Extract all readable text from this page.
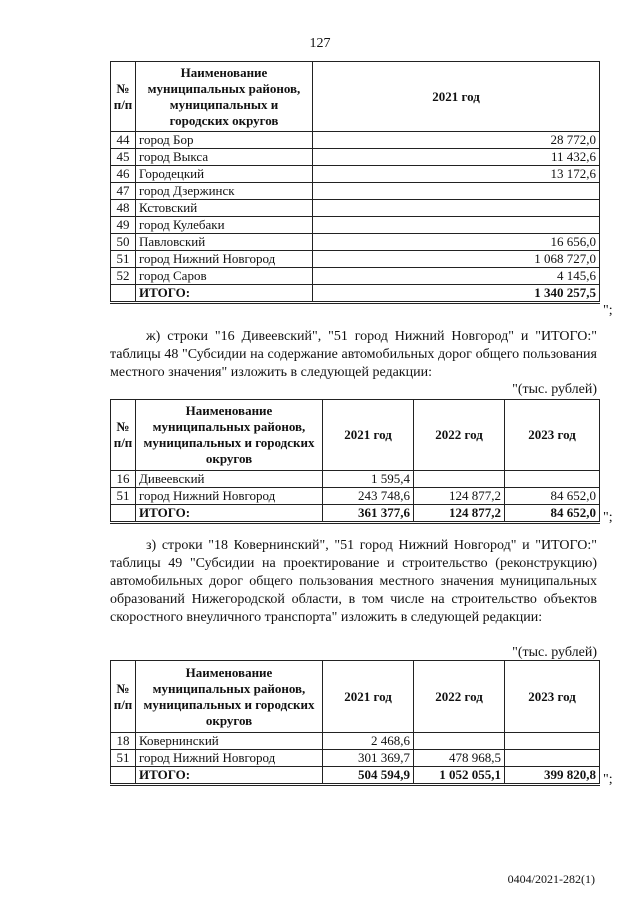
127
№
п/п	Наименование муниципальных районов, муниципальных и городских округов	2021 год
44	город Бор	28 772,0
45	город Выкса	11 432,6
46	Городецкий	13 172,6
47	город Дзержинск	
48	Кстовский	
49	город Кулебаки	
50	Павловский	16 656,0
51	город Нижний Новгород	1 068 727,0
52	город Саров	4 145,6
	ИТОГО:	1 340 257,5
";
ж) строки "16 Дивеевский", "51 город Нижний Новгород" и "ИТОГО:" таблицы 48 "Субсидии на содержание автомобильных дорог общего пользования местного значения" изложить в следующей редакции:
"(тыс. рублей)
№
п/п	Наименование муниципальных районов, муниципальных и городских округов	2021 год	2022 год	2023 год
16	Дивеевский	1 595,4		
51	город Нижний Новгород	243 748,6	124 877,2	84 652,0
	ИТОГО:	361 377,6	124 877,2	84 652,0 ";
з) строки "18 Ковернинский", "51 город Нижний Новгород" и "ИТОГО:" таблицы 49 "Субсидии на проектирование и строительство (реконструкцию) автомобильных дорог общего пользования местного значения муниципальных образований Нижегородской области, в том числе на строительство объектов скоростного внеуличного транспорта" изложить в следующей редакции:
"(тыс. рублей)
№
п/п	Наименование муниципальных районов, муниципальных и городских округов	2021 год	2022 год	2023 год
18	Ковернинский	2 468,6		
51	город Нижний Новгород	301 369,7	478 968,5	
	ИТОГО:	504 594,9	1 052 055,1	399 820,8 ";
0404/2021-282(1)
